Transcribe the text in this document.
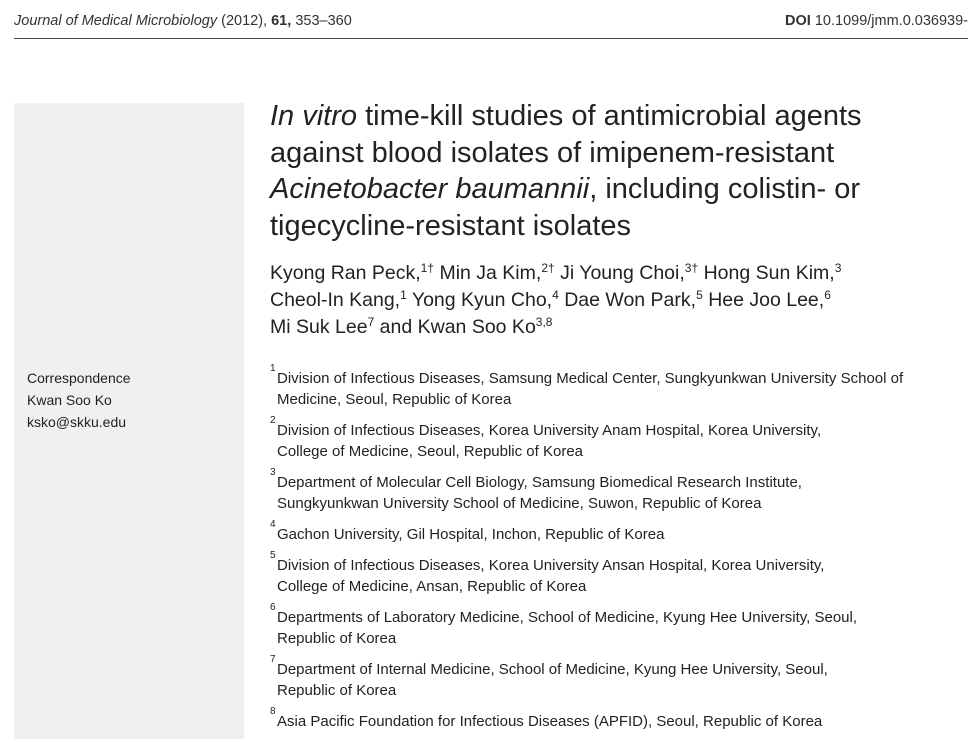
Journal of Medical Microbiology (2012), 61, 353–360	DOI 10.1099/jmm.0.036939-
Correspondence
Kwan Soo Ko
ksko@skku.edu
In vitro time-kill studies of antimicrobial agents
against blood isolates of imipenem-resistant
Acinetobacter baumannii, including colistin- or
tigecycline-resistant isolates
Kyong Ran Peck,$^{1\dagger}$ Min Ja Kim,$^{2\dagger}$ Ji Young Choi,$^{3\dagger}$ Hong Sun Kim,$^3$
Cheol-In Kang,$^1$ Yong Kyun Cho,$^4$ Dae Won Park,$^5$ Hee Joo Lee,$^6$
Mi Suk Lee$^7$ and Kwan Soo Ko$^{3,8}$
1
Division of Infectious Diseases, Samsung Medical Center, Sungkyunkwan University School of
Medicine, Seoul, Republic of Korea
2
Division of Infectious Diseases, Korea University Anam Hospital, Korea University,
College of Medicine, Seoul, Republic of Korea
3
Department of Molecular Cell Biology, Samsung Biomedical Research Institute,
Sungkyunkwan University School of Medicine, Suwon, Republic of Korea
4
Gachon University, Gil Hospital, Inchon, Republic of Korea
5
Division of Infectious Diseases, Korea University Ansan Hospital, Korea University,
College of Medicine, Ansan, Republic of Korea
6
Departments of Laboratory Medicine, School of Medicine, Kyung Hee University, Seoul,
Republic of Korea
7
Department of Internal Medicine, School of Medicine, Kyung Hee University, Seoul,
Republic of Korea
8
Asia Pacific Foundation for Infectious Diseases (APFID), Seoul, Republic of Korea
